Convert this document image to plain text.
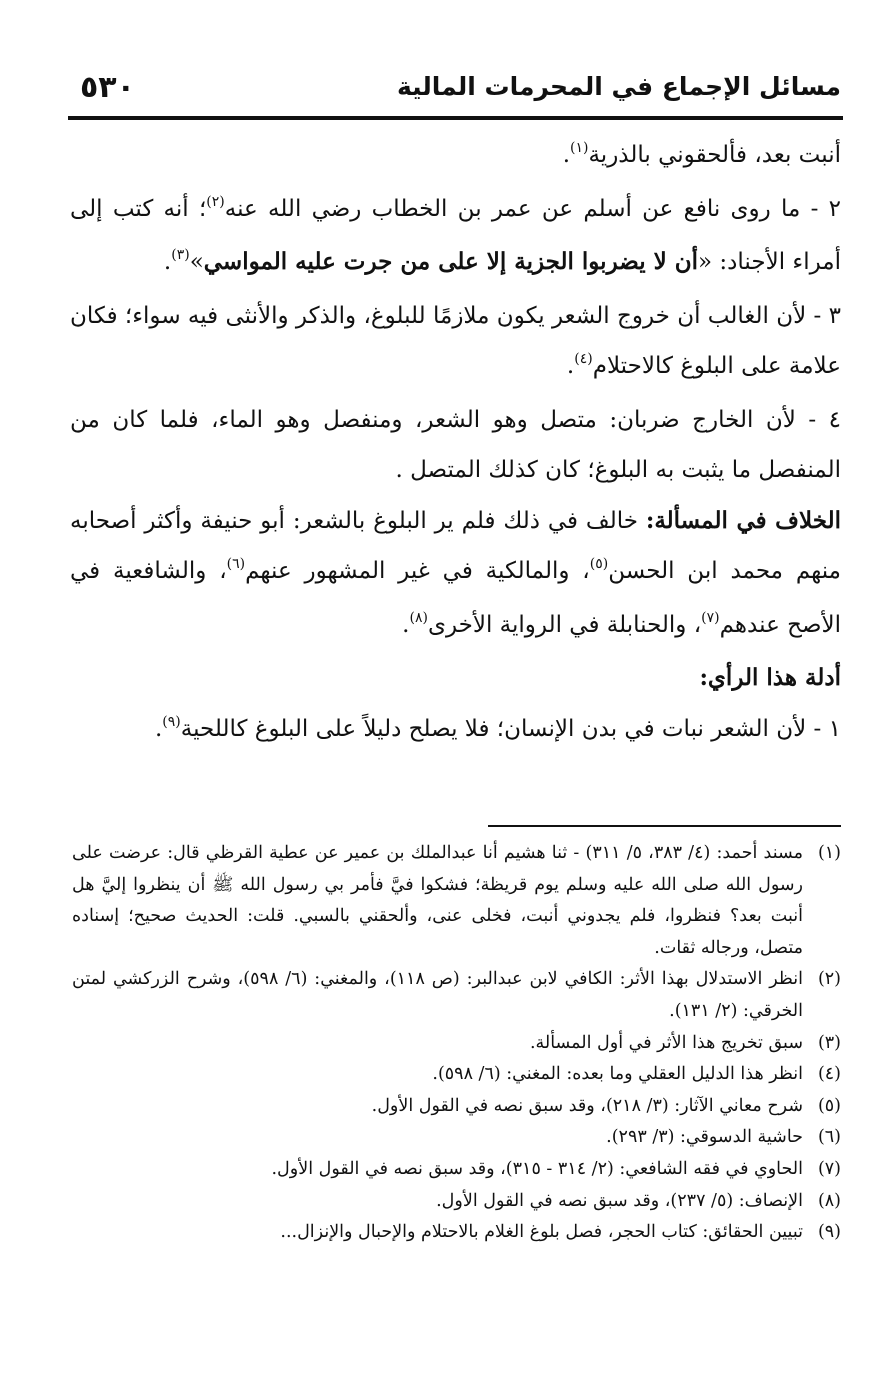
مسائل الإجماع في المحرمات المالية
٥٣٠

أنبت بعد، فألحقوني بالذرية$^{(١)}$.

٢ - ما روى نافع عن أسلم عن عمر بن الخطاب رضي الله عنه$^{(٢)}$؛ أنه كتب إلى أمراء الأجناد: «أن لا يضربوا الجزية إلا على من جرت عليه المواسي»$^{(٣)}$.

٣ - لأن الغالب أن خروج الشعر يكون ملازمًا للبلوغ، والذكر والأنثى فيه سواء؛ فكان علامة على البلوغ كالاحتلام$^{(٤)}$.

٤ - لأن الخارج ضربان: متصل وهو الشعر، ومنفصل وهو الماء، فلما كان من المنفصل ما يثبت به البلوغ؛ كان كذلك المتصل .

الخلاف في المسألة: خالف في ذلك فلم ير البلوغ بالشعر: أبو حنيفة وأكثر أصحابه منهم محمد ابن الحسن$^{(٥)}$، والمالكية في غير المشهور عنهم$^{(٦)}$، والشافعية في الأصح عندهم$^{(٧)}$، والحنابلة في الرواية الأخرى$^{(٨)}$.

أدلة هذا الرأي:

١ - لأن الشعر نبات في بدن الإنسان؛ فلا يصلح دليلاً على البلوغ كاللحية$^{(٩)}$.

(١)
مسند أحمد: (٤/ ٣٨٣، ٥/ ٣١١) - ثنا هشيم أنا عبدالملك بن عمير عن عطية القرظي قال: عرضت على رسول الله صلى الله عليه وسلم يوم قريظة؛ فشكوا فيَّ فأمر بي رسول الله ﷺ أن ينظروا إليَّ هل أنبت بعد؟ فنظروا، فلم يجدوني أنبت، فخلى عنى، وألحقني بالسبي. قلت: الحديث صحيح؛ إسناده متصل، ورجاله ثقات.
(٢)
انظر الاستدلال بهذا الأثر: الكافي لابن عبدالبر: (ص ١١٨)، والمغني: (٦/ ٥٩٨)، وشرح الزركشي لمتن الخرقي: (٢/ ١٣١).
(٣)
سبق تخريج هذا الأثر في أول المسألة.
(٤)
انظر هذا الدليل العقلي وما بعده: المغني: (٦/ ٥٩٨).
(٥)
شرح معاني الآثار: (٣/ ٢١٨)، وقد سبق نصه في القول الأول.
(٦)
حاشية الدسوقي: (٣/ ٢٩٣).
(٧)
الحاوي في فقه الشافعي: (٢/ ٣١٤ - ٣١٥)، وقد سبق نصه في القول الأول.
(٨)
الإنصاف: (٥/ ٢٣٧)، وقد سبق نصه في القول الأول.
(٩)
تبيين الحقائق: كتاب الحجر، فصل بلوغ الغلام بالاحتلام والإحبال والإنزال...
